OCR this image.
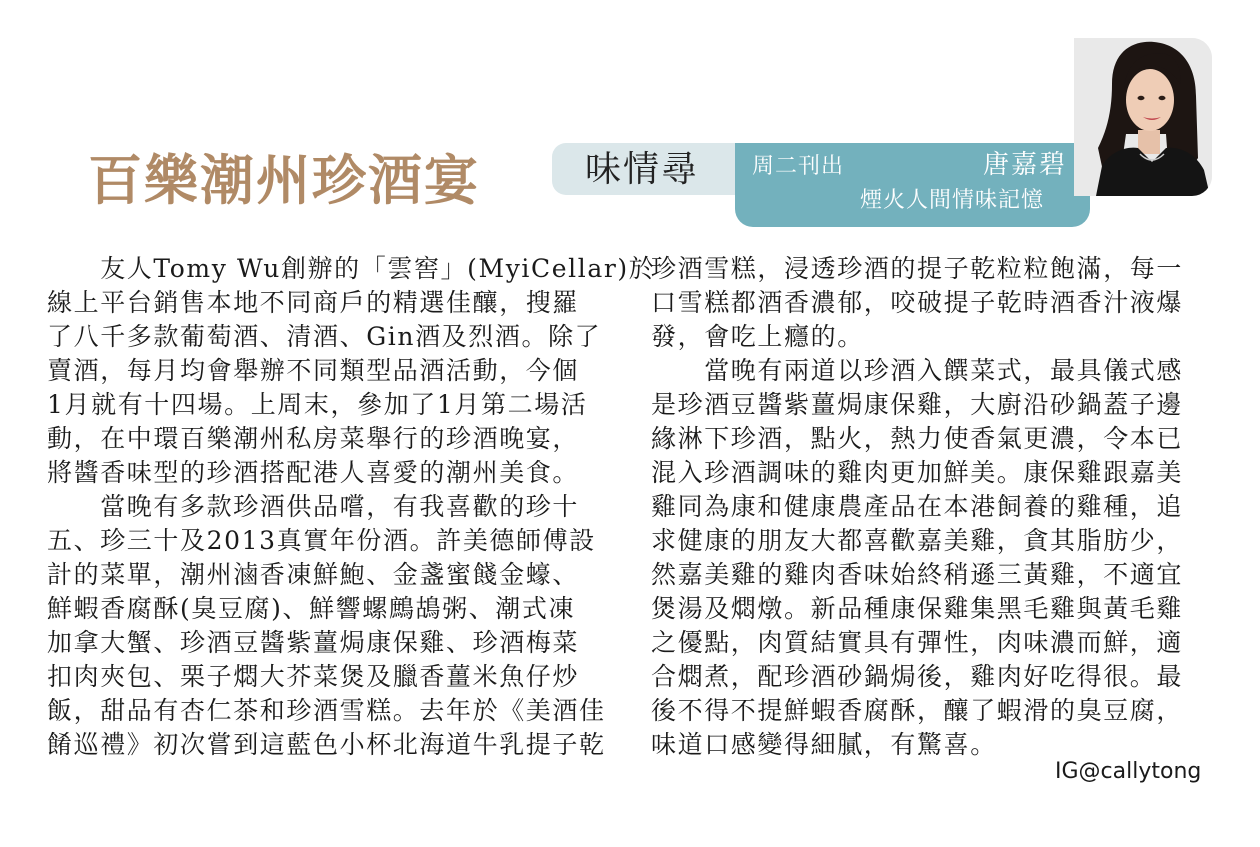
百樂潮州珍酒宴	味情尋 周二刊出	唐嘉碧
煙火人間情味記憶
　　友人Tomy Wu創辦的「雲窖」(MyiCellar)於
線上平台銷售本地不同商戶的精選佳釀，搜羅
了八千多款葡萄酒、清酒、Gin酒及烈酒。除了
賣酒，每月均會舉辦不同類型品酒活動，今個
1月就有十四場。上周末，參加了1月第二場活
動，在中環百樂潮州私房菜舉行的珍酒晚宴，
將醬香味型的珍酒搭配港人喜愛的潮州美食。
　　當晚有多款珍酒供品嚐，有我喜歡的珍十
五、珍三十及2013真實年份酒。許美德師傅設
計的菜單，潮州滷香凍鮮鮑、金盞蜜餞金蠔、
鮮蝦香腐酥(臭豆腐)、鮮響螺鷓鴣粥、潮式凍
加拿大蟹、珍酒豆醬紫薑焗康保雞、珍酒梅菜
扣肉夾包、栗子燜大芥菜煲及臘香薑米魚仔炒
飯，甜品有杏仁茶和珍酒雪糕。去年於《美酒佳
餚巡禮》初次嘗到這藍色小杯北海道牛乳提子乾
珍酒雪糕，浸透珍酒的提子乾粒粒飽滿，每一
口雪糕都酒香濃郁，咬破提子乾時酒香汁液爆
發，會吃上癮的。
　　當晚有兩道以珍酒入饌菜式，最具儀式感
是珍酒豆醬紫薑焗康保雞，大廚沿砂鍋蓋子邊
緣淋下珍酒，點火，熱力使香氣更濃，令本已
混入珍酒調味的雞肉更加鮮美。康保雞跟嘉美
雞同為康和健康農產品在本港飼養的雞種，追
求健康的朋友大都喜歡嘉美雞，貪其脂肪少，
然嘉美雞的雞肉香味始終稍遜三黃雞，不適宜
煲湯及燜燉。新品種康保雞集黑毛雞與黃毛雞
之優點，肉質結實具有彈性，肉味濃而鮮，適
合燜煮，配珍酒砂鍋焗後，雞肉好吃得很。最
後不得不提鮮蝦香腐酥，釀了蝦滑的臭豆腐，
味道口感變得細膩，有驚喜。
IG@callytong
